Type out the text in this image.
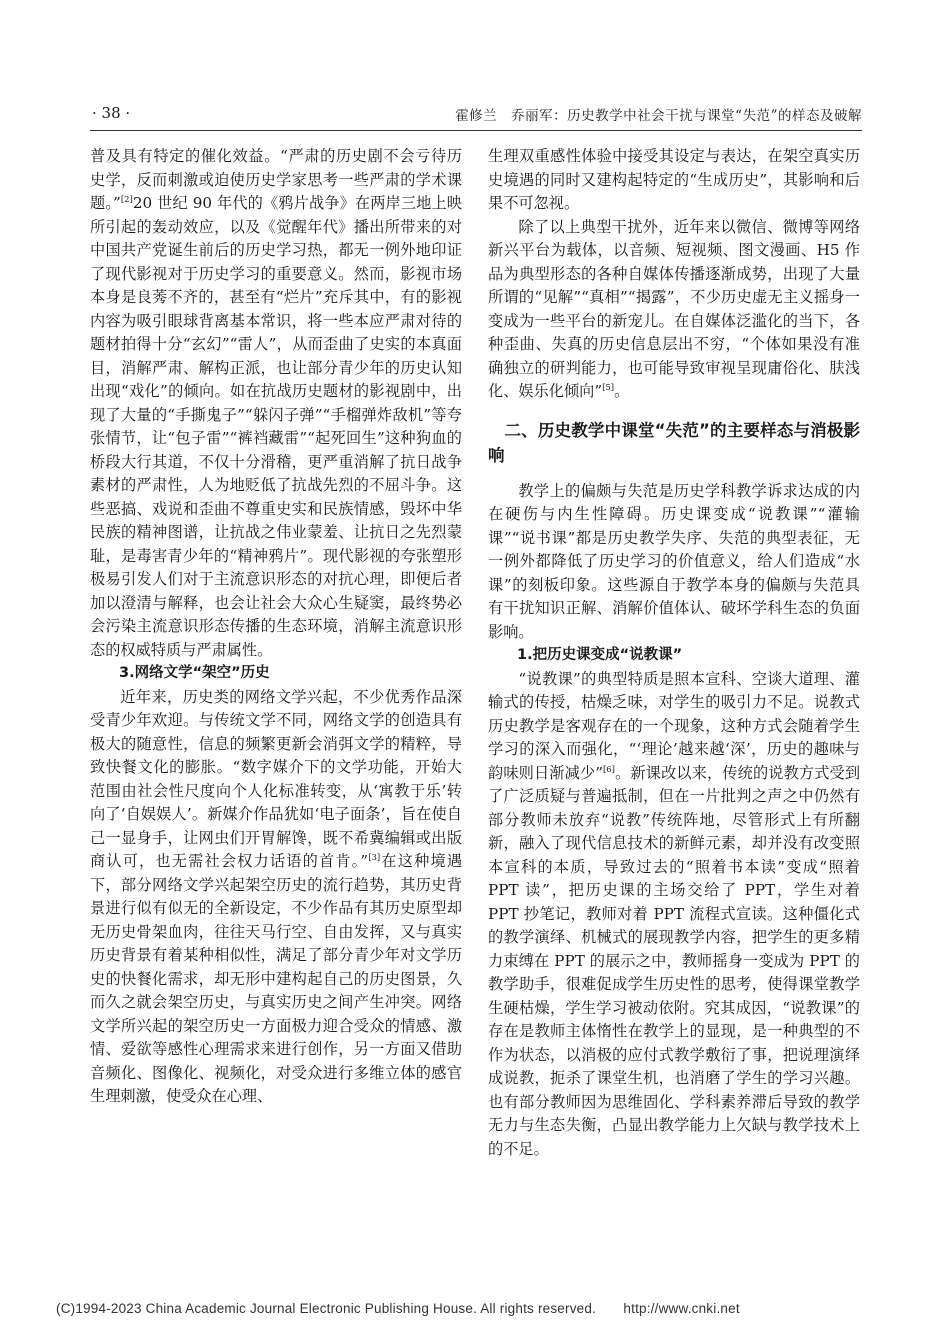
· 38 ·	霍修兰　乔丽军：历史教学中社会干扰与课堂“失范”的样态及破解

普及具有特定的催化效益。“严肃的历史剧不会亏待历史学，反而刺激或迫使历史学家思考一些严肃的学术课题。”[2]20 世纪 90 年代的《鸦片战争》在两岸三地上映所引起的轰动效应，以及《觉醒年代》播出所带来的对中国共产党诞生前后的历史学习热，都无一例外地印证了现代影视对于历史学习的重要意义。然而，影视市场本身是良莠不齐的，甚至有“烂片”充斥其中，有的影视内容为吸引眼球背离基本常识，将一些本应严肃对待的题材拍得十分“玄幻”“雷人”，从而歪曲了史实的本真面目，消解严肃、解构正派，也让部分青少年的历史认知出现“戏化”的倾向。如在抗战历史题材的影视剧中，出现了大量的“手撕鬼子”“躲闪子弹”“手榴弹炸敌机”等夸张情节，让“包子雷”“裤裆藏雷”“起死回生”这种狗血的桥段大行其道，不仅十分滑稽，更严重消解了抗日战争素材的严肃性，人为地贬低了抗战先烈的不屈斗争。这些恶搞、戏说和歪曲不尊重史实和民族情感，毁坏中华民族的精神图谱，让抗战之伟业蒙羞、让抗日之先烈蒙耻，是毒害青少年的“精神鸦片”。现代影视的夸张塑形极易引发人们对于主流意识形态的对抗心理，即便后者加以澄清与解释，也会让社会大众心生疑窦，最终势必会污染主流意识形态传播的生态环境，消解主流意识形态的权威特质与严肃属性。

3.网络文学“架空”历史

近年来，历史类的网络文学兴起，不少优秀作品深受青少年欢迎。与传统文学不同，网络文学的创造具有极大的随意性，信息的频繁更新会消弭文学的精粹，导致快餐文化的膨胀。“数字媒介下的文学功能，开始大范围由社会性尺度向个人化标准转变，从‘寓教于乐’转向了‘自娱娱人’。新媒介作品犹如‘电子面条’，旨在使自己一显身手，让网虫们开胃解馋，既不希冀编辑或出版商认可，也无需社会权力话语的首肯。”[3]在这种境遇下，部分网络文学兴起架空历史的流行趋势，其历史背景进行似有似无的全新设定，不少作品有其历史原型却无历史骨架血肉，往往天马行空、自由发挥，又与真实历史背景有着某种相似性，满足了部分青少年对文学历史的快餐化需求，却无形中建构起自己的历史图景，久而久之就会架空历史，与真实历史之间产生冲突。网络文学所兴起的架空历史一方面极力迎合受众的情感、激情、爱欲等感性心理需求来进行创作，另一方面又借助音频化、图像化、视频化，对受众进行多维立体的感官生理刺激，使受众在心理、

生理双重感性体验中接受其设定与表达，在架空真实历史境遇的同时又建构起特定的“生成历史”，其影响和后果不可忽视。

除了以上典型干扰外，近年来以微信、微博等网络新兴平台为载体，以音频、短视频、图文漫画、H5 作品为典型形态的各种自媒体传播逐渐成势，出现了大量所谓的“见解”“真相”“揭露”，不少历史虚无主义摇身一变成为一些平台的新宠儿。在自媒体泛滥化的当下，各种歪曲、失真的历史信息层出不穷，“个体如果没有准确独立的研判能力，也可能导致审视呈现庸俗化、肤浅化、娱乐化倾向”[5]。

二、历史教学中课堂“失范”的主要样态与消极影响

教学上的偏颇与失范是历史学科教学诉求达成的内在硬伤与内生性障碍。历史课变成“说教课”“灌输课”“说书课”都是历史教学失序、失范的典型表征，无一例外都降低了历史学习的价值意义，给人们造成“水课”的刻板印象。这些源自于教学本身的偏颇与失范具有干扰知识正解、消解价值体认、破坏学科生态的负面影响。

1.把历史课变成“说教课”

“说教课”的典型特质是照本宣科、空谈大道理、灌输式的传授，枯燥乏味，对学生的吸引力不足。说教式历史教学是客观存在的一个现象，这种方式会随着学生学习的深入而强化，“‘理论’越来越‘深’，历史的趣味与韵味则日渐减少”[6]。新课改以来，传统的说教方式受到了广泛质疑与普遍抵制，但在一片批判之声之中仍然有部分教师未放弃“说教”传统阵地，尽管形式上有所翻新，融入了现代信息技术的新鲜元素，却并没有改变照本宣科的本质，导致过去的“照着书本读”变成“照着 PPT 读”，把历史课的主场交给了 PPT，学生对着 PPT 抄笔记，教师对着 PPT 流程式宣读。这种僵化式的教学演绎、机械式的展现教学内容，把学生的更多精力束缚在 PPT 的展示之中，教师摇身一变成为 PPT 的教学助手，很难促成学生历史性的思考，使得课堂教学生硬枯燥，学生学习被动依附。究其成因，“说教课”的存在是教师主体惰性在教学上的显现，是一种典型的不作为状态，以消极的应付式教学敷衍了事，把说理演绎成说教，扼杀了课堂生机，也消磨了学生的学习兴趣。也有部分教师因为思维固化、学科素养滞后导致的教学无力与生态失衡，凸显出教学能力上欠缺与教学技术上的不足。

(C)1994-2023 China Academic Journal Electronic Publishing House. All rights reserved.　　http://www.cnki.net
